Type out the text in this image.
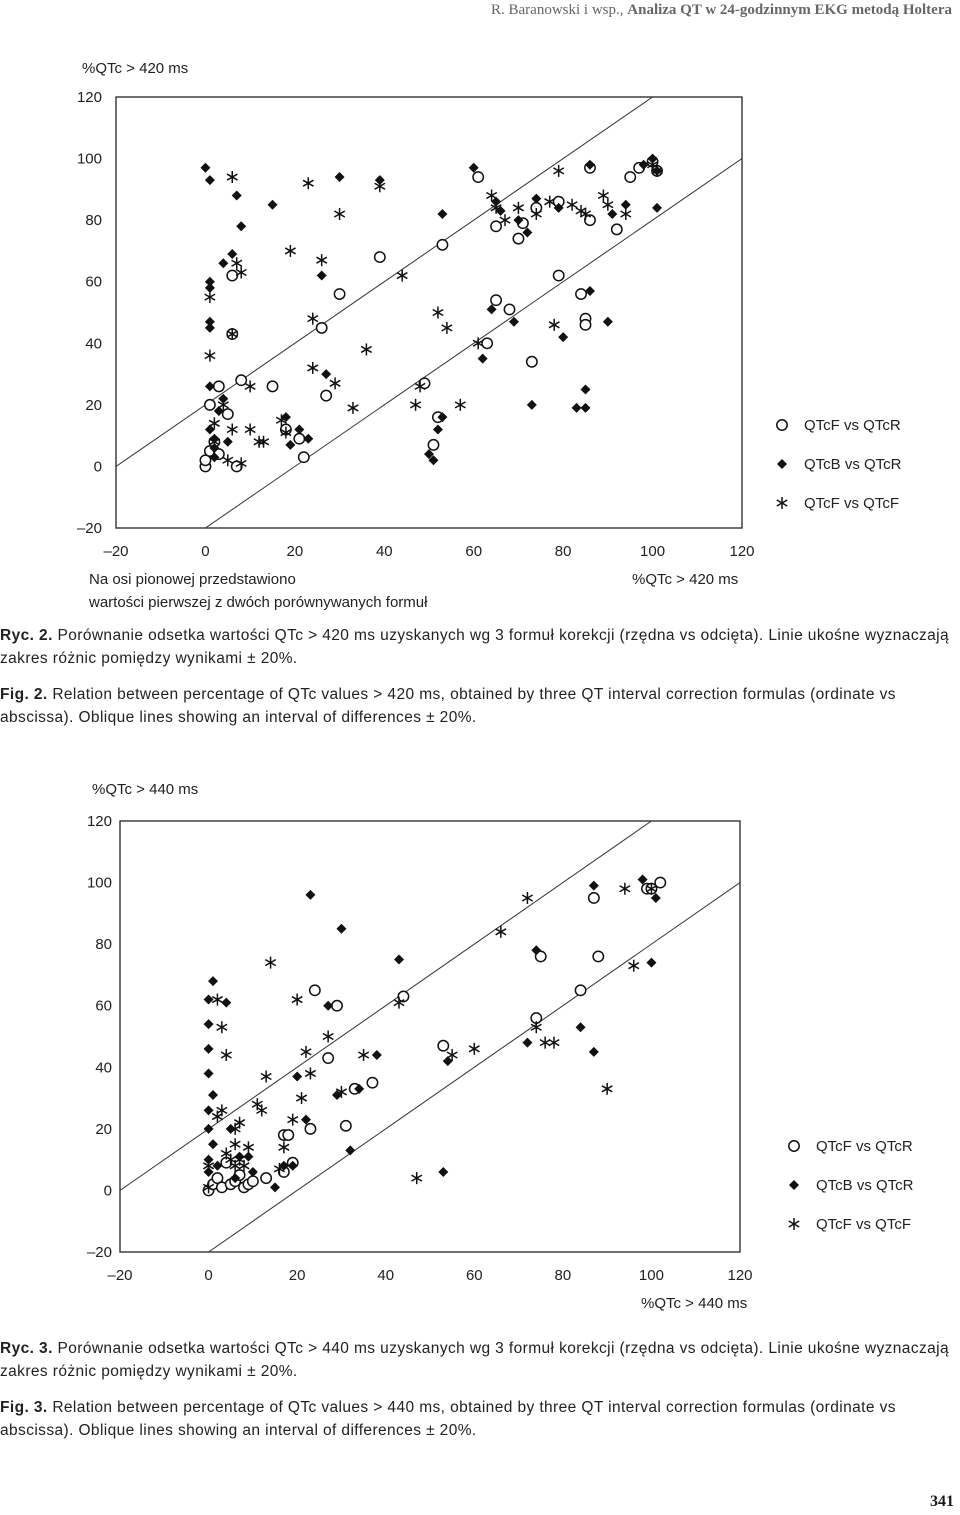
R. Baranowski i wsp., Analiza QT w 24-godzinnym EKG metodą Holtera
%QTc > 420 ms
120
100
80
60
40
20
0
–20
–20	0	20	40	60	80	100	120
%QTc > 420 ms
Na osi pionowej przedstawiono
wartości pierwszej z dwóch porównywanych formuł
QTcF vs QTcR
QTcB vs QTcR
QTcF vs QTcF
Ryc. 2. Porównanie odsetka wartości QTc > 420 ms uzyskanych wg 3 formuł korekcji (rzędna vs odcięta). Linie ukośne wyznaczają zakres różnic pomiędzy wynikami ± 20%.
Fig. 2. Relation between percentage of QTc values > 420 ms, obtained by three QT interval correction formulas (ordinate vs abscissa). Oblique lines showing an interval of differences ± 20%.
%QTc > 440 ms
120
100
80
60
40
20
0
–20
–20	0	20	40	60	80	100	120
%QTc > 440 ms
QTcF vs QTcR
QTcB vs QTcR
QTcF vs QTcF
Ryc. 3. Porównanie odsetka wartości QTc > 440 ms uzyskanych wg 3 formuł korekcji (rzędna vs odcięta). Linie ukośne wyznaczają zakres różnic pomiędzy wynikami ± 20%.
Fig. 3. Relation between percentage of QTc values > 440 ms, obtained by three QT interval correction formulas (ordinate vs abscissa). Oblique lines showing an interval of differences ± 20%.
341
